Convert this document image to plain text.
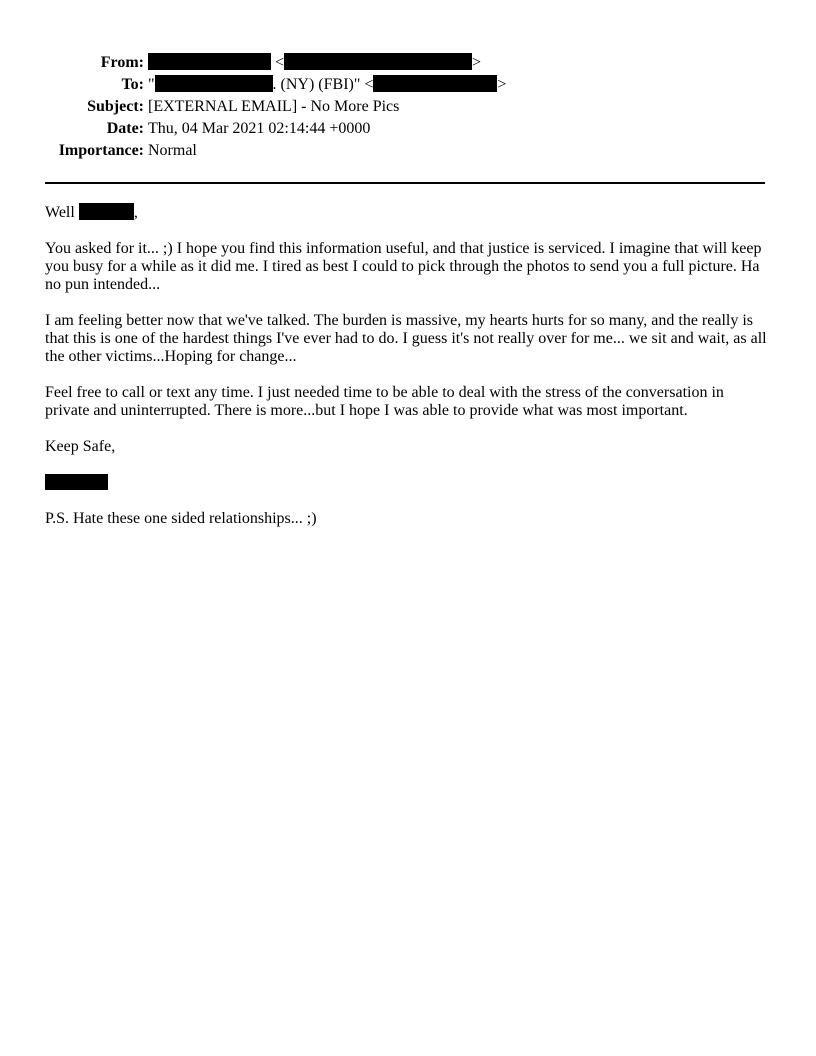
From:	<	>
To: "	. (NY) (FBI)" <	>
Subject: [EXTERNAL EMAIL] - No More Pics
Date: Thu, 04 Mar 2021 02:14:44 +0000
Importance: Normal

Well	,

You asked for it... ;) I hope you find this information useful, and that justice is serviced. I imagine that will keep you busy for a while as it did me. I tired as best I could to pick through the photos to send you a full picture. Ha no pun intended...

I am feeling better now that we've talked. The burden is massive, my hearts hurts for so many, and the really is that this is one of the hardest things I've ever had to do. I guess it's not really over for me... we sit and wait, as all the other victims...Hoping for change...

Feel free to call or text any time. I just needed time to be able to deal with the stress of the conversation in private and uninterrupted. There is more...but I hope I was able to provide what was most important.

Keep Safe,

P.S. Hate these one sided relationships... ;)
